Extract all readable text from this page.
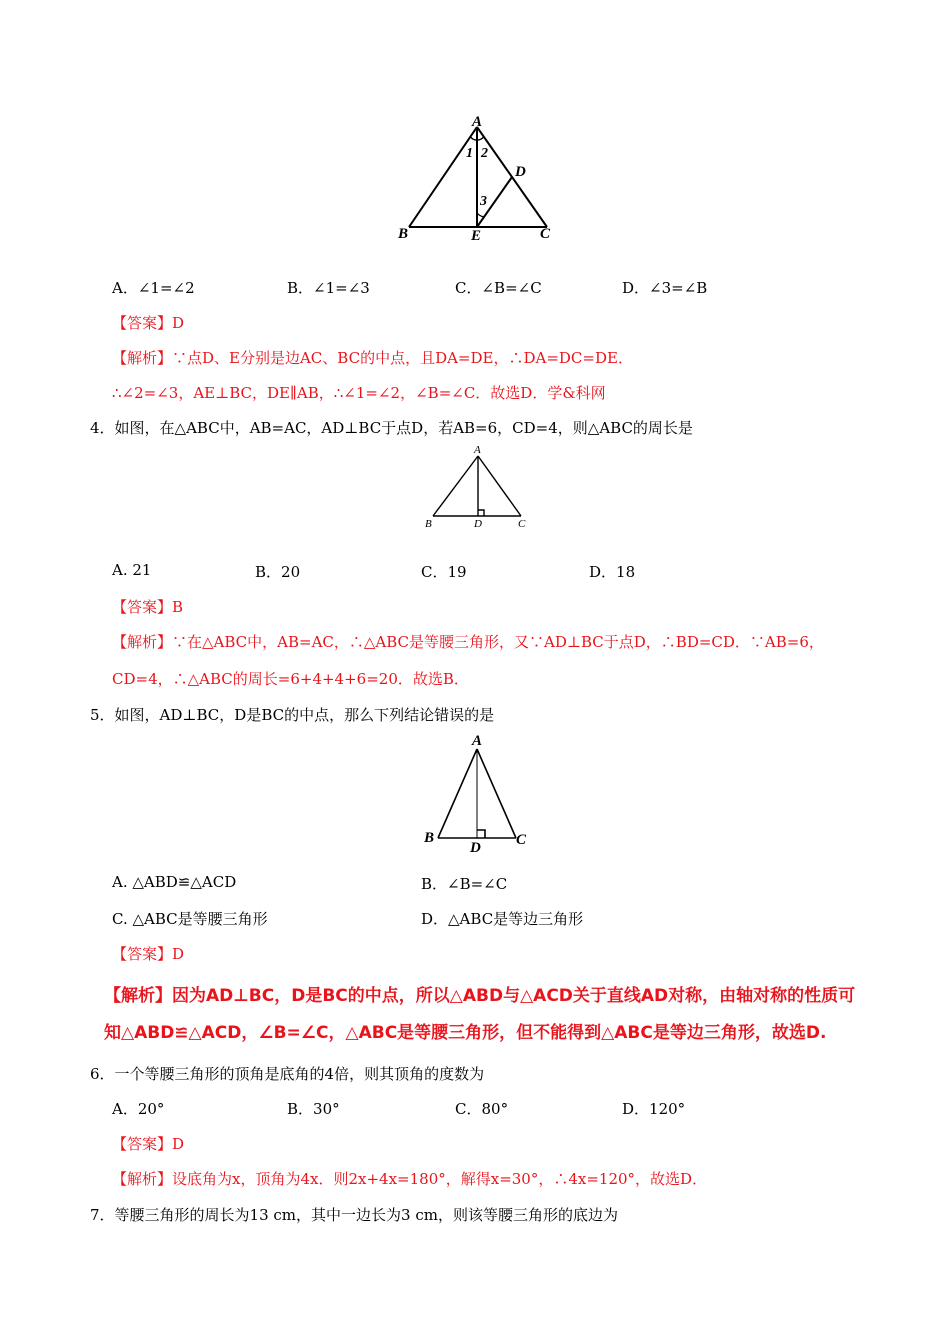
A
B	C
D
E
1 2
3
A．∠1=∠2	B．∠1=∠3	C．∠B=∠C	D．∠3=∠B
【答案】D
【解析】∵点D、E分别是边AC、BC的中点，且DA=DE，∴DA=DC=DE．
∴∠2=∠3，AE⊥BC，DE∥AB，∴∠1=∠2，∠B=∠C．故选D．学&科网
4．如图，在△ABC中，AB=AC，AD⊥BC于点D，若AB=6，CD=4，则△ABC的周长是
A
B	C
D
A. 21	B．20	C．19	D．18
【答案】B
【解析】∵在△ABC中，AB=AC，∴△ABC是等腰三角形，又∵AD⊥BC于点D，∴BD=CD．∵AB=6，
CD=4，∴△ABC的周长=6+4+4+6=20．故选B．
5．如图，AD⊥BC，D是BC的中点，那么下列结论错误的是
A
B	C
D
A. △ABD≌△ACD	B．∠B=∠C
C. △ABC是等腰三角形	D．△ABC是等边三角形
【答案】D
【解析】因为AD⊥BC，D是BC的中点，所以△ABD与△ACD关于直线AD对称，由轴对称的性质可
知△ABD≌△ACD，∠B=∠C，△ABC是等腰三角形，但不能得到△ABC是等边三角形，故选D.
6．一个等腰三角形的顶角是底角的4倍，则其顶角的度数为
A．20°	B．30°	C．80°	D．120°
【答案】D
【解析】设底角为x，顶角为4x．则2x+4x=180°，解得x=30°，∴4x=120°，故选D．
7．等腰三角形的周长为13 cm，其中一边长为3 cm，则该等腰三角形的底边为
